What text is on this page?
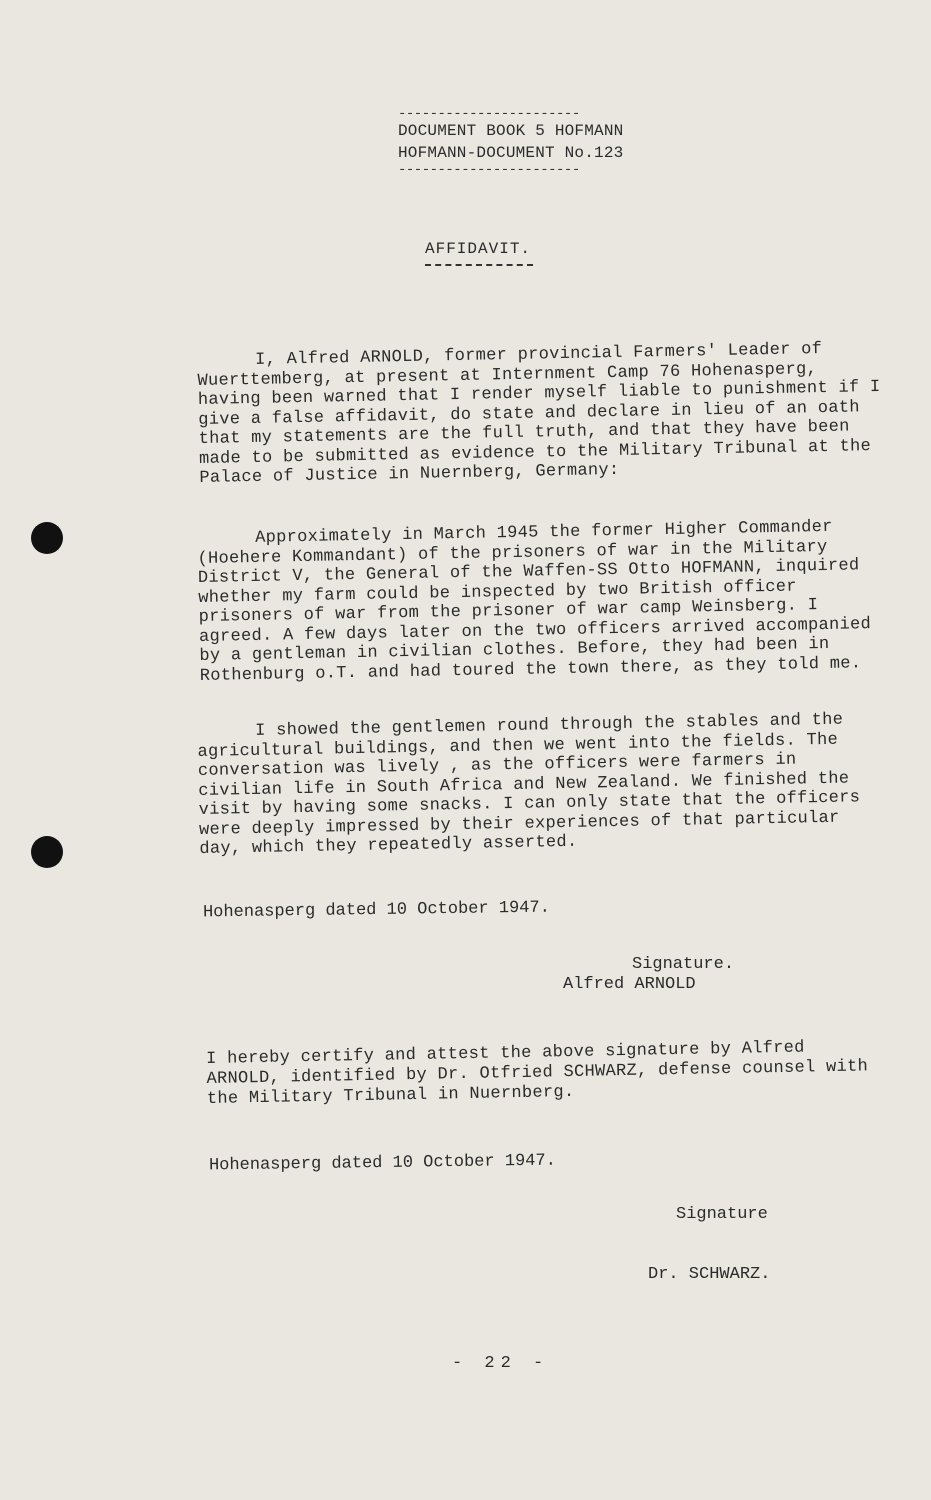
-----------------------
DOCUMENT BOOK 5 HOFMANN
HOFMANN-DOCUMENT No.123
-----------------------
AFFIDAVIT.
I, Alfred ARNOLD, former provincial Farmers' Leader of Wuerttemberg, at present at Internment Camp 76 Hohenasperg, having been warned that I render myself liable to punishment if I give a false affidavit, do state and declare in lieu of an oath that my statements are the full truth, and that they have been made to be submitted as evidence to the Military Tribunal at the Palace of Justice in Nuernberg, Germany:
Approximately in March 1945 the former Higher Commander (Hoehere Kommandant) of the prisoners of war in the Military District V, the General of the Waffen-SS Otto HOFMANN, inquired whether my farm could be inspected by two British officer prisoners of war from the prisoner of war camp Weinsberg. I agreed. A few days later on the two officers arrived accompanied by a gentleman in civilian clothes. Before, they had been in Rothenburg o.T. and had toured the town there, as they told me.
I showed the gentlemen round through the stables and the agricultural buildings, and then we went into the fields. The conversation was lively , as the officers were farmers in civilian life in South Africa and New Zealand. We finished the visit by having some snacks. I can only state that the officers were deeply impressed by their experiences of that particular day, which they repeatedly asserted.
Hohenasperg dated 10 October 1947.
Signature.
Alfred ARNOLD
I hereby certify and attest the above signature by Alfred ARNOLD, identified by Dr. Otfried SCHWARZ, defense counsel with the Military Tribunal in Nuernberg.
Hohenasperg dated 10 October 1947.
Signature
Dr. SCHWARZ.
- 22 -
